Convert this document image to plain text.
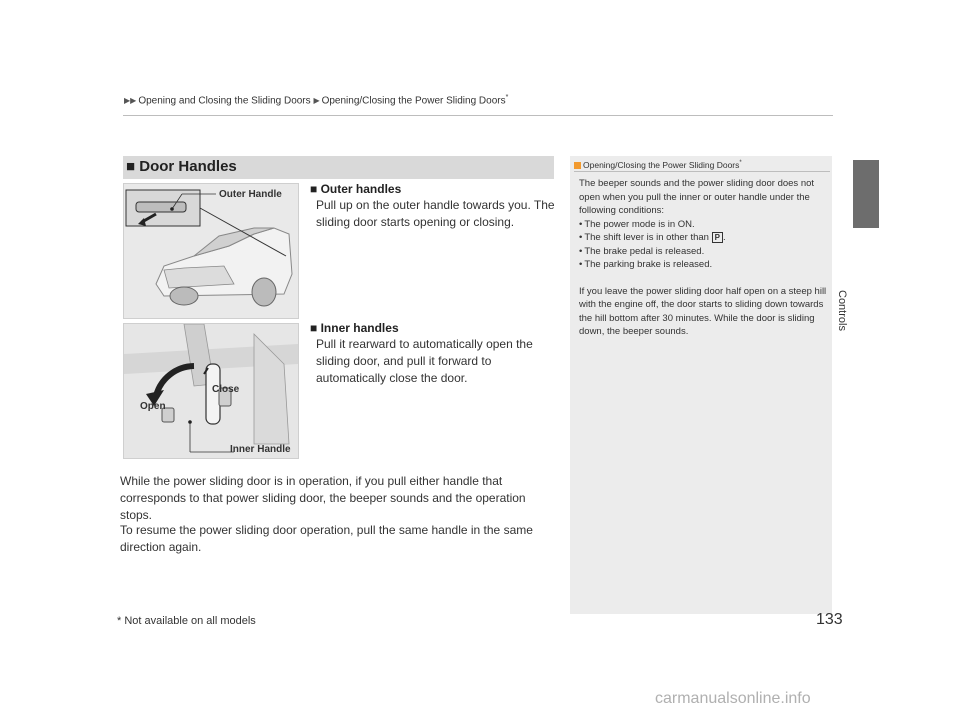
▶▶ Opening and Closing the Sliding Doors ▶ Opening/Closing the Power Sliding Doors*
Controls
■ Door Handles
Outer Handle ■ Outer handles
Pull up on the outer handle towards you. The sliding door starts opening or closing.
Open
Close
Inner Handle
■ Inner handles
Pull it rearward to automatically open the sliding door, and pull it forward to automatically close the door.
While the power sliding door is in operation, if you pull either handle that corresponds to that power sliding door, the beeper sounds and the operation stops.
To resume the power sliding door operation, pull the same handle in the same direction again.
Opening/Closing the Power Sliding Doors*

The beeper sounds and the power sliding door does not open when you pull the inner or outer handle under the following conditions:

• The power mode is in ON.
• The shift lever is in other than P .
• The brake pedal is released.
• The parking brake is released.

If you leave the power sliding door half open on a steep hill with the engine off, the door starts to sliding down towards the hill bottom after 30 minutes. While the door is sliding down, the beeper sounds.

* Not available on all models	133
carmanualsonline.info
